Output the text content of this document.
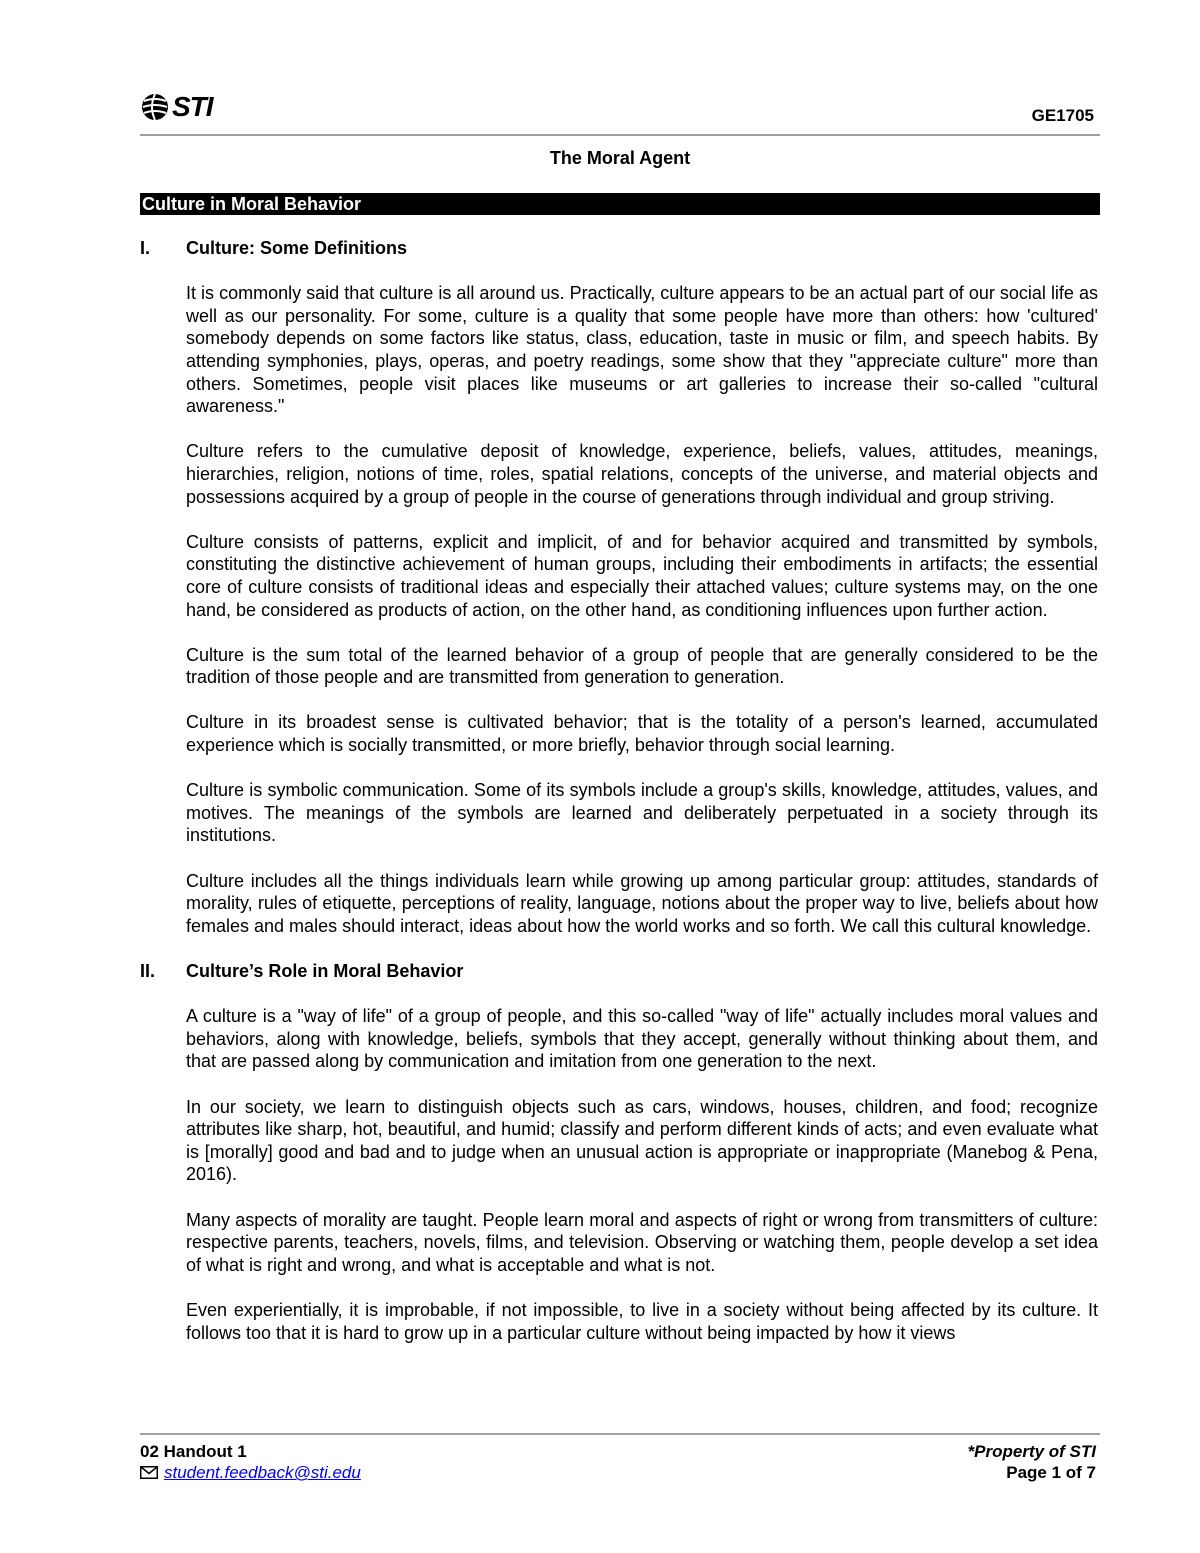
STI	GE1705
The Moral Agent
Culture in Moral Behavior
I.	Culture: Some Definitions

It is commonly said that culture is all around us. Practically, culture appears to be an actual part of our social life as well as our personality. For some, culture is a quality that some people have more than others: how 'cultured' somebody depends on some factors like status, class, education, taste in music or film, and speech habits. By attending symphonies, plays, operas, and poetry readings, some show that they "appreciate culture" more than others. Sometimes, people visit places like museums or art galleries to increase their so-called "cultural awareness."

Culture refers to the cumulative deposit of knowledge, experience, beliefs, values, attitudes, meanings, hierarchies, religion, notions of time, roles, spatial relations, concepts of the universe, and material objects and possessions acquired by a group of people in the course of generations through individual and group striving.

Culture consists of patterns, explicit and implicit, of and for behavior acquired and transmitted by symbols, constituting the distinctive achievement of human groups, including their embodiments in artifacts; the essential core of culture consists of traditional ideas and especially their attached values; culture systems may, on the one hand, be considered as products of action, on the other hand, as conditioning influences upon further action.

Culture is the sum total of the learned behavior of a group of people that are generally considered to be the tradition of those people and are transmitted from generation to generation.

Culture in its broadest sense is cultivated behavior; that is the totality of a person's learned, accumulated experience which is socially transmitted, or more briefly, behavior through social learning.

Culture is symbolic communication. Some of its symbols include a group's skills, knowledge, attitudes, values, and motives. The meanings of the symbols are learned and deliberately perpetuated in a society through its institutions.

Culture includes all the things individuals learn while growing up among particular group: attitudes, standards of morality, rules of etiquette, perceptions of reality, language, notions about the proper way to live, beliefs about how females and males should interact, ideas about how the world works and so forth. We call this cultural knowledge.

II.	Culture’s Role in Moral Behavior

A culture is a "way of life" of a group of people, and this so-called "way of life" actually includes moral values and behaviors, along with knowledge, beliefs, symbols that they accept, generally without thinking about them, and that are passed along by communication and imitation from one generation to the next.

In our society, we learn to distinguish objects such as cars, windows, houses, children, and food; recognize attributes like sharp, hot, beautiful, and humid; classify and perform different kinds of acts; and even evaluate what is [morally] good and bad and to judge when an unusual action is appropriate or inappropriate (Manebog & Pena, 2016).

Many aspects of morality are taught. People learn moral and aspects of right or wrong from transmitters of culture: respective parents, teachers, novels, films, and television. Observing or watching them, people develop a set idea of what is right and wrong, and what is acceptable and what is not.

Even experientially, it is improbable, if not impossible, to live in a society without being affected by its culture. It follows too that it is hard to grow up in a particular culture without being impacted by how it views

02 Handout 1
student.feedback@sti.edu
*Property of STI
Page 1 of 7
